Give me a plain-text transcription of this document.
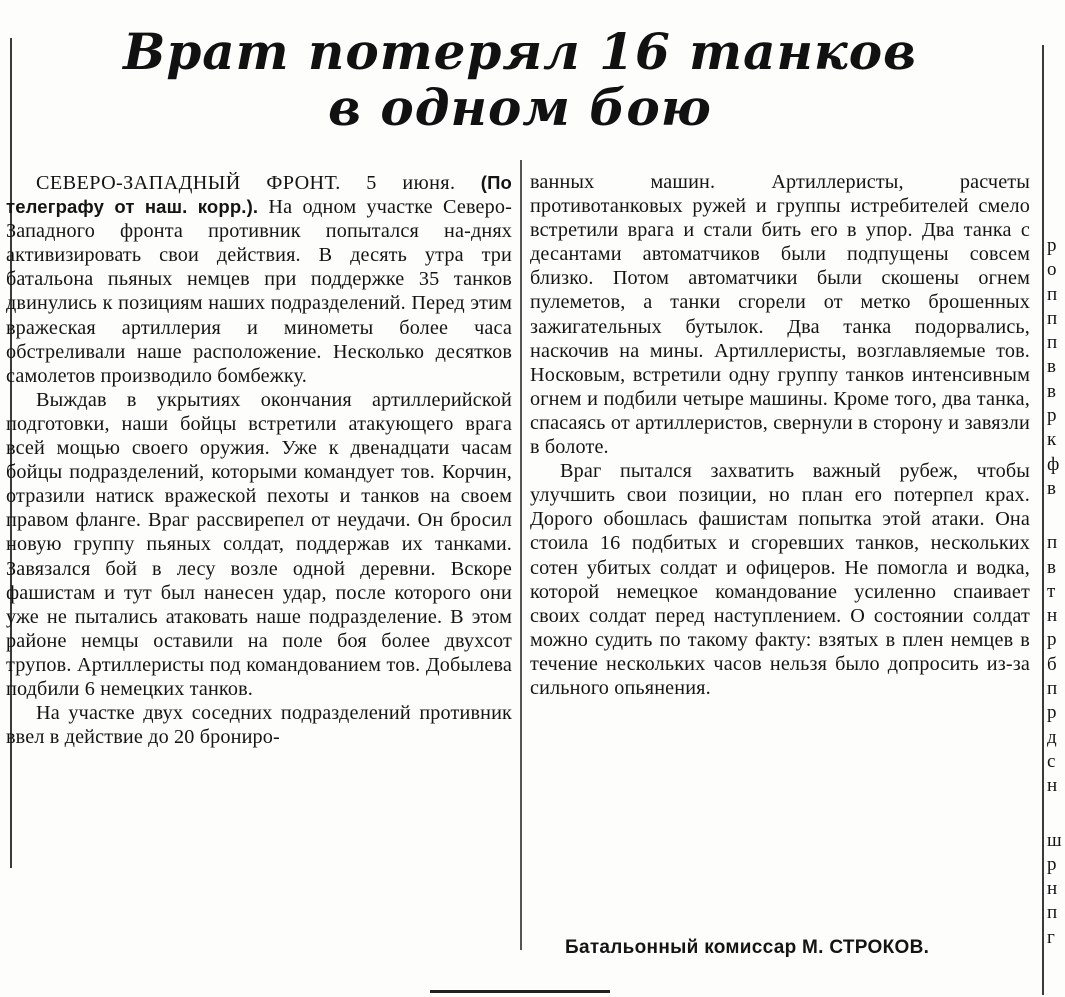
Врат потерял 16 танков
в одном бою

СЕВЕРО-ЗАПАДНЫЙ ФРОНТ. 5 июня. (По телеграфу от наш. корр.). На одном участке Северо-Западного фронта противник попытался на-днях активизировать свои действия. В десять утра три батальона пьяных немцев при поддержке 35 танков двинулись к позициям наших подразделений. Перед этим вражеская артиллерия и минометы более часа обстреливали наше расположение. Несколько десятков самолетов производило бомбежку.

Выждав в укрытиях окончания артиллерийской подготовки, наши бойцы встретили атакующего врага всей мощью своего оружия. Уже к двенадцати часам бойцы подразделений, которыми командует тов. Корчин, отразили натиск вражеской пехоты и танков на своем правом фланге. Враг рассвирепел от неудачи. Он бросил новую группу пьяных солдат, поддержав их танками. Завязался бой в лесу возле одной деревни. Вскоре фашистам и тут был нанесен удар, после которого они уже не пытались атаковать наше подразделение. В этом районе немцы оставили на поле боя более двухсот трупов. Артиллеристы под командованием тов. Добылева подбили 6 немецких танков.

На участке двух соседних подразделений противник ввел в действие до 20 брониро-

ванных машин. Артиллеристы, расчеты противотанковых ружей и группы истребителей смело встретили врага и стали бить его в упор. Два танка с десантами автоматчиков были подпущены совсем близко. Потом автоматчики были скошены огнем пулеметов, а танки сгорели от метко брошенных зажигательных бутылок. Два танка подорвались, наскочив на мины. Артиллеристы, возглавляемые тов. Носковым, встретили одну группу танков интенсивным огнем и подбили четыре машины. Кроме того, два танка, спасаясь от артиллеристов, свернули в сторону и завязли в болоте.

Враг пытался захватить важный рубеж, чтобы улучшить свои позиции, но план его потерпел крах. Дорого обошлась фашистам попытка этой атаки. Она стоила 16 подбитых и сгоревших танков, нескольких сотен убитых солдат и офицеров. Не помогла и водка, которой немецкое командование усиленно спаивает своих солдат перед наступлением. О состоянии солдат можно судить по такому факту: взятых в плен немцев в течение нескольких часов нельзя было допросить из-за сильного опьянения.

Батальонный комиссар М. СТРОКОВ.
р
о
п
п
п
в
в
р
к
ф
в
п
в
т
н
р
б
п
р
д
с
н
ш
р
н
п
г
